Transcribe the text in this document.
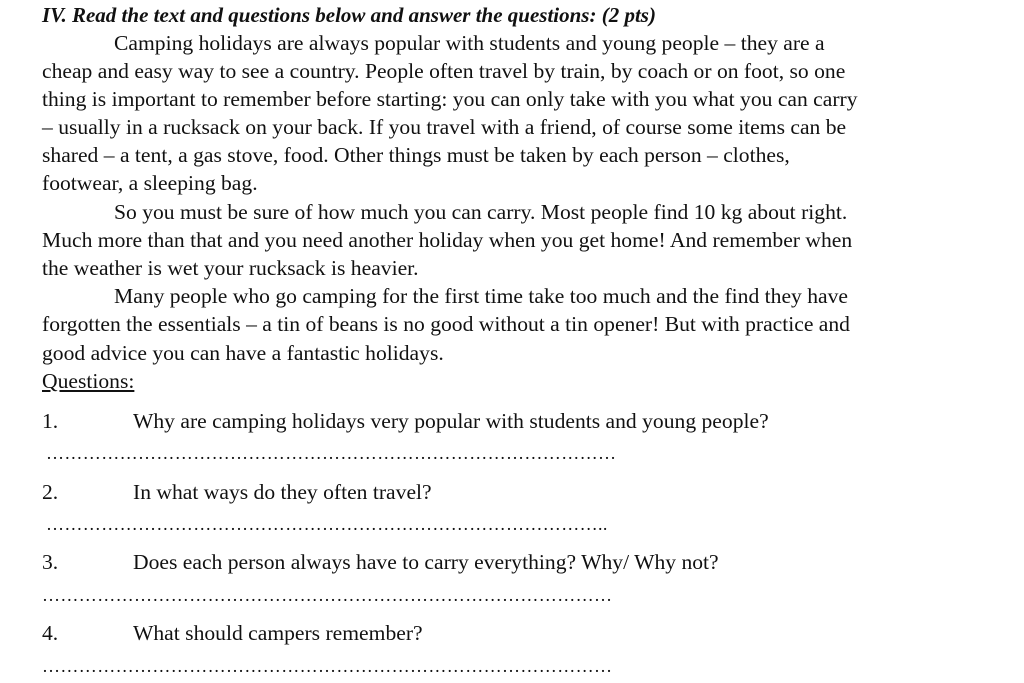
IV. Read the text and questions below and answer the questions: (2 pts)
Camping holidays are always popular with students and young people – they are a
cheap and easy way to see a country. People often travel by train, by coach or on foot, so one
thing is important to remember before starting: you can only take with you what you can carry
– usually in a rucksack on your back. If you travel with a friend, of course some items can be
shared – a tent, a gas stove, food. Other things must be taken by each person – clothes,
footwear, a sleeping bag.
So you must be sure of how much you can carry. Most people find 10 kg about right.
Much more than that and you need another holiday when you get home! And remember when
the weather is wet your rucksack is heavier.
Many people who go camping for the first time take too much and the find they have
forgotten the essentials – a tin of beans is no good without a tin opener! But with practice and
good advice you can have a fantastic holidays.
Questions:
1.	Why are camping holidays very popular with students and young people?
…………………………………………………………………………………
2.	In what ways do they often travel?
………………………………………………………………………………..
3.	Does each person always have to carry everything? Why/ Why not?
…………………………………………………………………………………
4.	What should campers remember?
…………………………………………………………………………………
